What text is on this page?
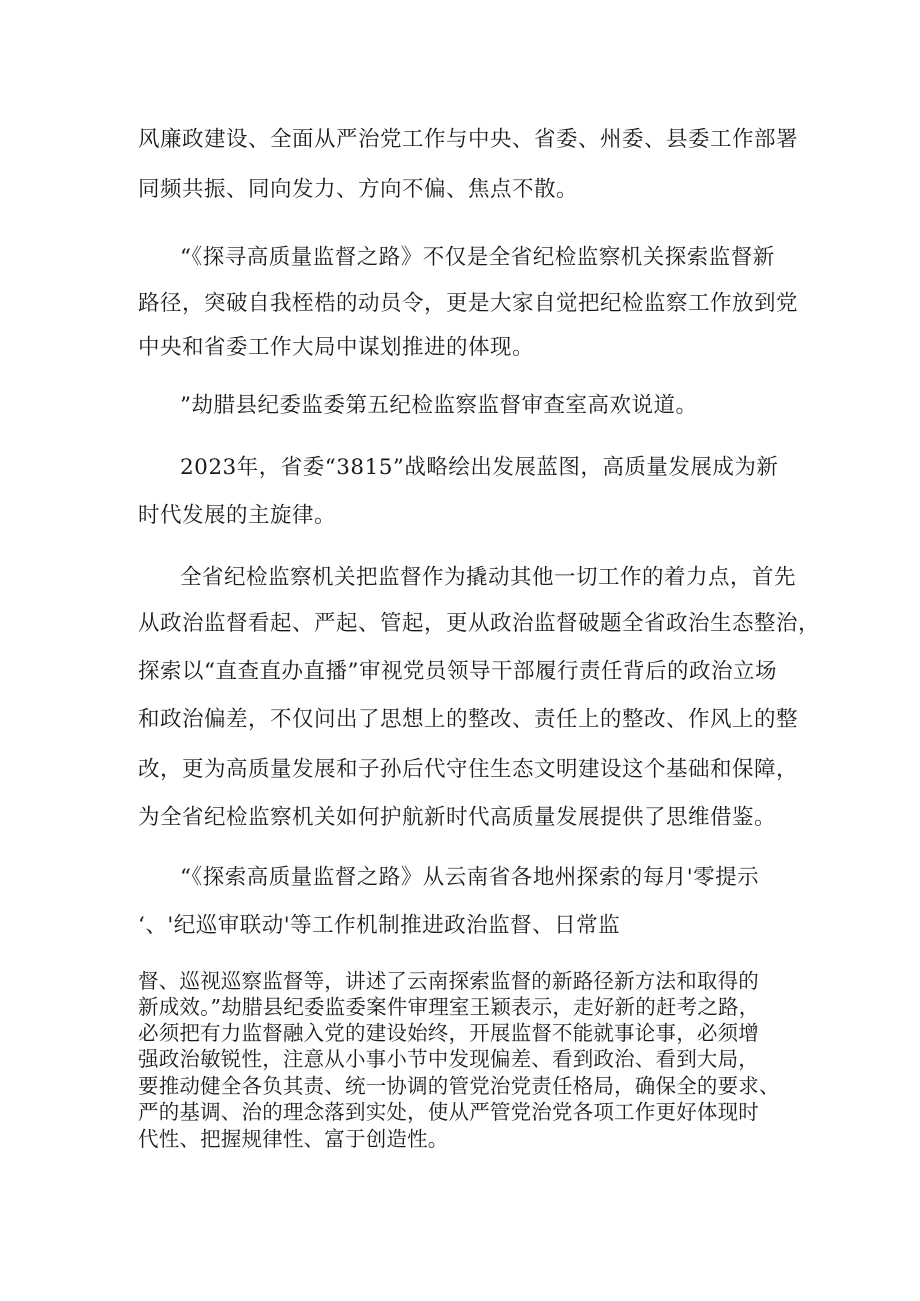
风廉政建设、全面从严治党工作与中央、省委、州委、县委工作部署
同频共振、同向发力、方向不偏、焦点不散。
“《探寻高质量监督之路》不仅是全省纪检监察机关探索监督新
路径，突破自我桎梏的动员令，更是大家自觉把纪检监察工作放到党
中央和省委工作大局中谋划推进的体现。
”劫腊县纪委监委第五纪检监察监督审查室高欢说道。
2023年，省委“3815”战略绘出发展蓝图，高质量发展成为新
时代发展的主旋律。
全省纪检监察机关把监督作为撬动其他一切工作的着力点，首先
从政治监督看起、严起、管起，更从政治监督破题全省政治生态整治，
探索以“直查直办直播”审视党员领导干部履行责任背后的政治立场
和政治偏差，不仅问出了思想上的整改、责任上的整改、作风上的整
改，更为高质量发展和子孙后代守住生态文明建设这个基础和保障，
为全省纪检监察机关如何护航新时代高质量发展提供了思维借鉴。
“《探索高质量监督之路》从云南省各地州探索的每月'零提示
‘、'纪巡审联动'等工作机制推进政治监督、日常监
督、巡视巡察监督等，讲述了云南探索监督的新路径新方法和取得的
新成效。”劫腊县纪委监委案件审理室王颖表示，走好新的赶考之路，
必须把有力监督融入党的建设始终，开展监督不能就事论事，必须增
强政治敏锐性，注意从小事小节中发现偏差、看到政治、看到大局，
要推动健全各负其责、统一协调的管党治党责任格局，确保全的要求、
严的基调、治的理念落到实处，使从严管党治党各项工作更好体现时
代性、把握规律性、富于创造性。
